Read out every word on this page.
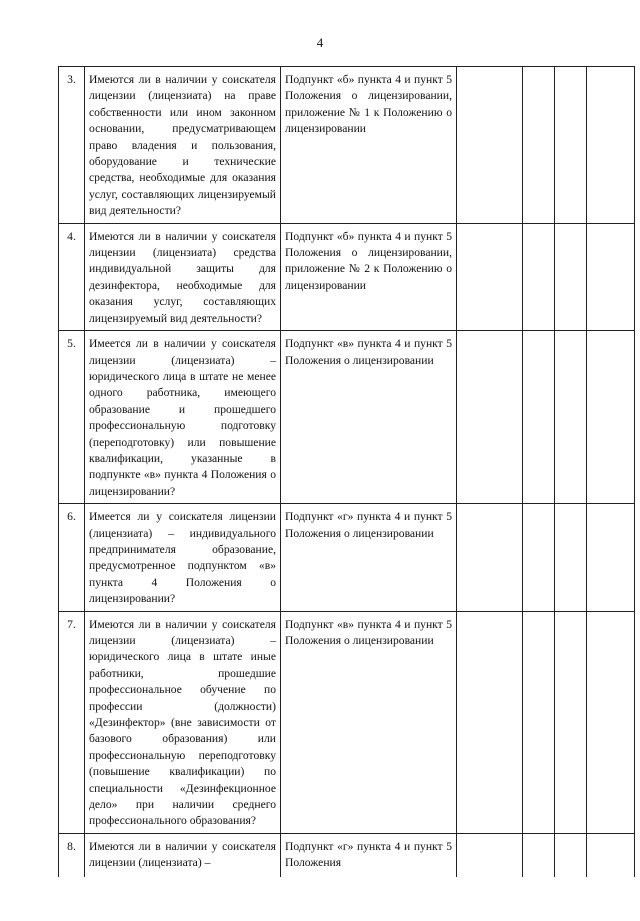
4
3.	Имеются ли в наличии у соискателя лицензии (лицензиата) на праве собственности или ином законном основании, предусматривающем право владения и пользования, оборудование и технические средства, необходимые для оказания услуг, составляющих лицензируемый вид деятельности?	Подпункт «б» пункта 4 и пункт 5 Положения о лицензировании, приложение № 1 к Положению о лицензировании				
4.	Имеются ли в наличии у соискателя лицензии (лицензиата) средства индивидуальной защиты для дезинфектора, необходимые для оказания услуг, составляющих лицензируемый вид деятельности?	Подпункт «б» пункта 4 и пункт 5 Положения о лицензировании, приложение № 2 к Положению о лицензировании				
5.	Имеется ли в наличии у соискателя лицензии (лицензиата) – юридического лица в штате не менее одного работника, имеющего образование и прошедшего профессиональную подготовку (переподготовку) или повышение квалификации, указанные в подпункте «в» пункта 4 Положения о лицензировании?	Подпункт «в» пункта 4 и пункт 5 Положения о лицензировании				
6.	Имеется ли у соискателя лицензии (лицензиата) – индивидуального предпринимателя образование, предусмотренное подпунктом «в» пункта 4 Положения о лицензировании?	Подпункт «г» пункта 4 и пункт 5 Положения о лицензировании				
7.	Имеются ли в наличии у соискателя лицензии (лицензиата) – юридического лица в штате иные работники, прошедшие профессиональное обучение по профессии (должности) «Дезинфектор» (вне зависимости от базового образования) или профессиональную переподготовку (повышение квалификации) по специальности «Дезинфекционное дело» при наличии среднего профессионального образования?	Подпункт «в» пункта 4 и пункт 5 Положения о лицензировании				
8.	Имеются ли в наличии у соискателя лицензии (лицензиата) –	Подпункт «г» пункта 4 и пункт 5 Положения				
